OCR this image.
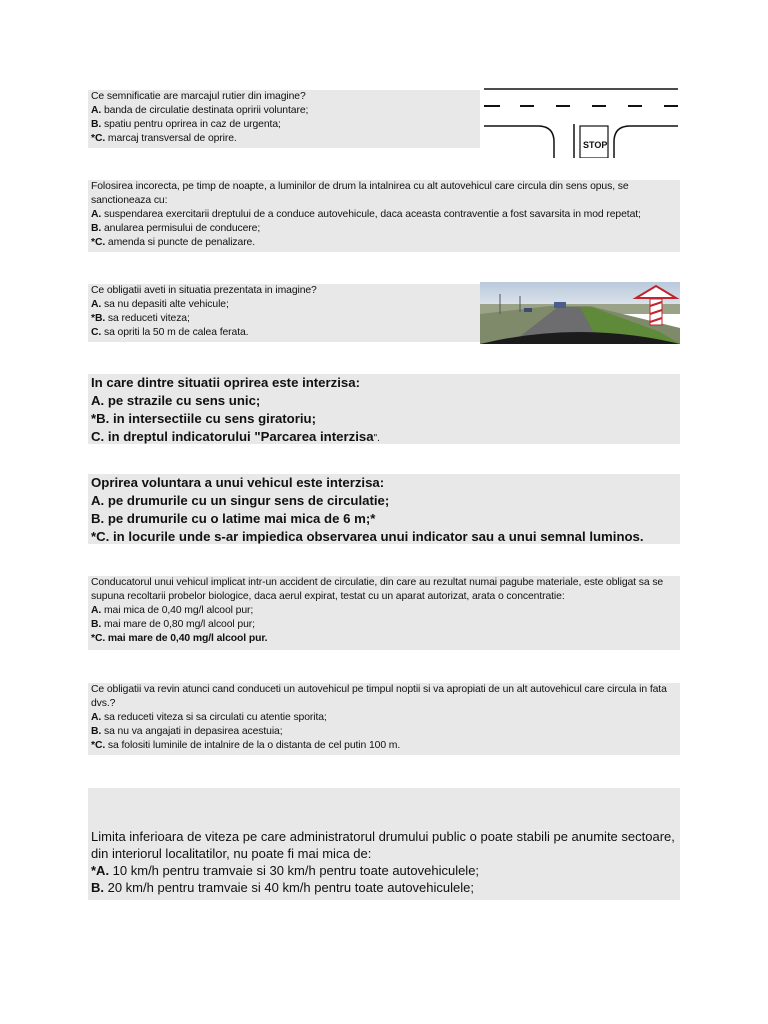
Ce semnificatie are marcajul rutier din imagine?
A. banda de circulatie destinata opririi voluntare;
B. spatiu pentru oprirea in caz de urgenta;
*C. marcaj transversal de oprire.
STOP
Folosirea incorecta, pe timp de noapte, a luminilor de drum la intalnirea cu alt autovehicul care circula din sens opus, se sanctioneaza cu:
A. suspendarea exercitarii dreptului de a conduce autovehicule, daca aceasta contraventie a fost savarsita in mod repetat;
B. anularea permisului de conducere;
*C. amenda si puncte de penalizare.
Ce obligatii aveti in situatia prezentata in imagine?
A. sa nu depasiti alte vehicule;
*B. sa reduceti viteza;
C. sa opriti la 50 m de calea ferata.
In care dintre situatii oprirea este interzisa:
A. pe strazile cu sens unic;
*B. in intersectiile cu sens giratoriu;
C. in dreptul indicatorului "Parcarea interzisa".
Oprirea voluntara a unui vehicul este interzisa:
A. pe drumurile cu un singur sens de circulatie;
B. pe drumurile cu o latime mai mica de 6 m;*
*C. in locurile unde s-ar impiedica observarea unui indicator sau a unui semnal luminos.
Conducatorul unui vehicul implicat intr-un accident de circulatie, din care au rezultat numai pagube materiale, este obligat sa se supuna recoltarii probelor biologice, daca aerul expirat, testat cu un aparat autorizat, arata o concentratie:
A. mai mica de 0,40 mg/l alcool pur;
B. mai mare de 0,80 mg/l alcool pur;
*C. mai mare de 0,40 mg/l alcool pur.
Ce obligatii va revin atunci cand conduceti un autovehicul pe timpul noptii si va apropiati de un alt autovehicul care circula in fata dvs.?
A. sa reduceti viteza si sa circulati cu atentie sporita;
B. sa nu va angajati in depasirea acestuia;
*C. sa folositi luminile de intalnire de la o distanta de cel putin 100 m.
Limita inferioara de viteza pe care administratorul drumului public o poate stabili pe anumite sectoare, din interiorul localitatilor, nu poate fi mai mica de:
*A. 10 km/h pentru tramvaie si 30 km/h pentru toate autovehiculele;
B. 20 km/h pentru tramvaie si 40 km/h pentru toate autovehiculele;
